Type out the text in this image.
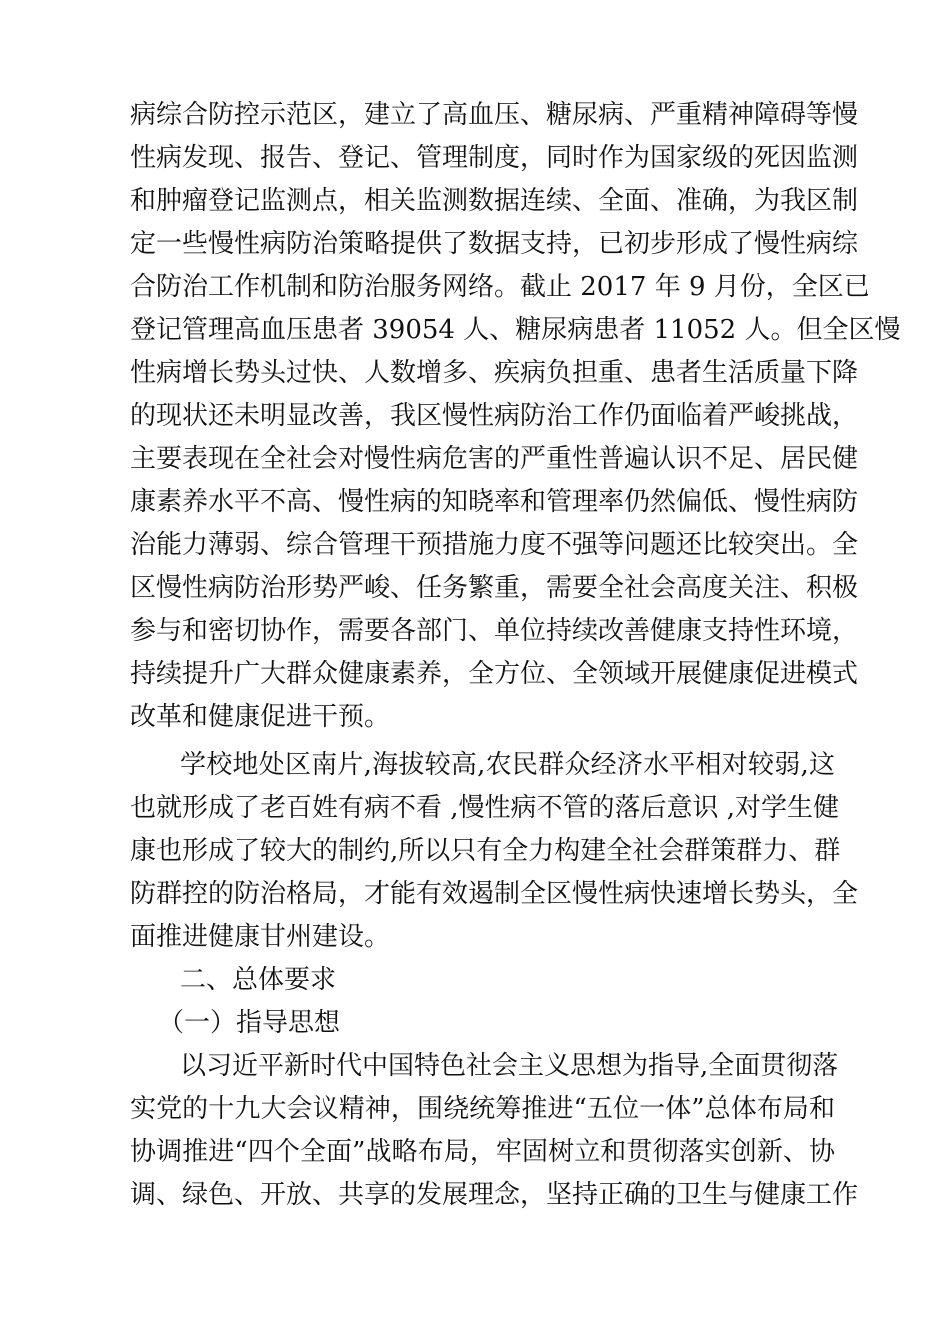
病综合防控示范区，建立了高血压、糖尿病、严重精神障碍等慢
性病发现、报告、登记、管理制度，同时作为国家级的死因监测
和肿瘤登记监测点，相关监测数据连续、全面、准确，为我区制
定一些慢性病防治策略提供了数据支持，已初步形成了慢性病综
合防治工作机制和防治服务网络。截止 2017 年 9 月份，全区已
登记管理高血压患者 39054 人、糖尿病患者 11052 人。但全区慢
性病增长势头过快、人数增多、疾病负担重、患者生活质量下降
的现状还未明显改善，我区慢性病防治工作仍面临着严峻挑战，
主要表现在全社会对慢性病危害的严重性普遍认识不足、居民健
康素养水平不高、慢性病的知晓率和管理率仍然偏低、慢性病防
治能力薄弱、综合管理干预措施力度不强等问题还比较突出。全
区慢性病防治形势严峻、任务繁重，需要全社会高度关注、积极
参与和密切协作，需要各部门、单位持续改善健康支持性环境，
持续提升广大群众健康素养，全方位、全领域开展健康促进模式
改革和健康促进干预。
学校地处区南片,海拔较高,农民群众经济水平相对较弱,这
也就形成了老百姓有病不看 ,慢性病不管的落后意识 ,对学生健
康也形成了较大的制约,所以只有全力构建全社会群策群力、群
防群控的防治格局，才能有效遏制全区慢性病快速增长势头，全
面推进健康甘州建设。
二、总体要求
（一）指导思想
以习近平新时代中国特色社会主义思想为指导,全面贯彻落
实党的十九大会议精神，围绕统筹推进“五位一体”总体布局和
协调推进“四个全面”战略布局，牢固树立和贯彻落实创新、协
调、绿色、开放、共享的发展理念，坚持正确的卫生与健康工作
